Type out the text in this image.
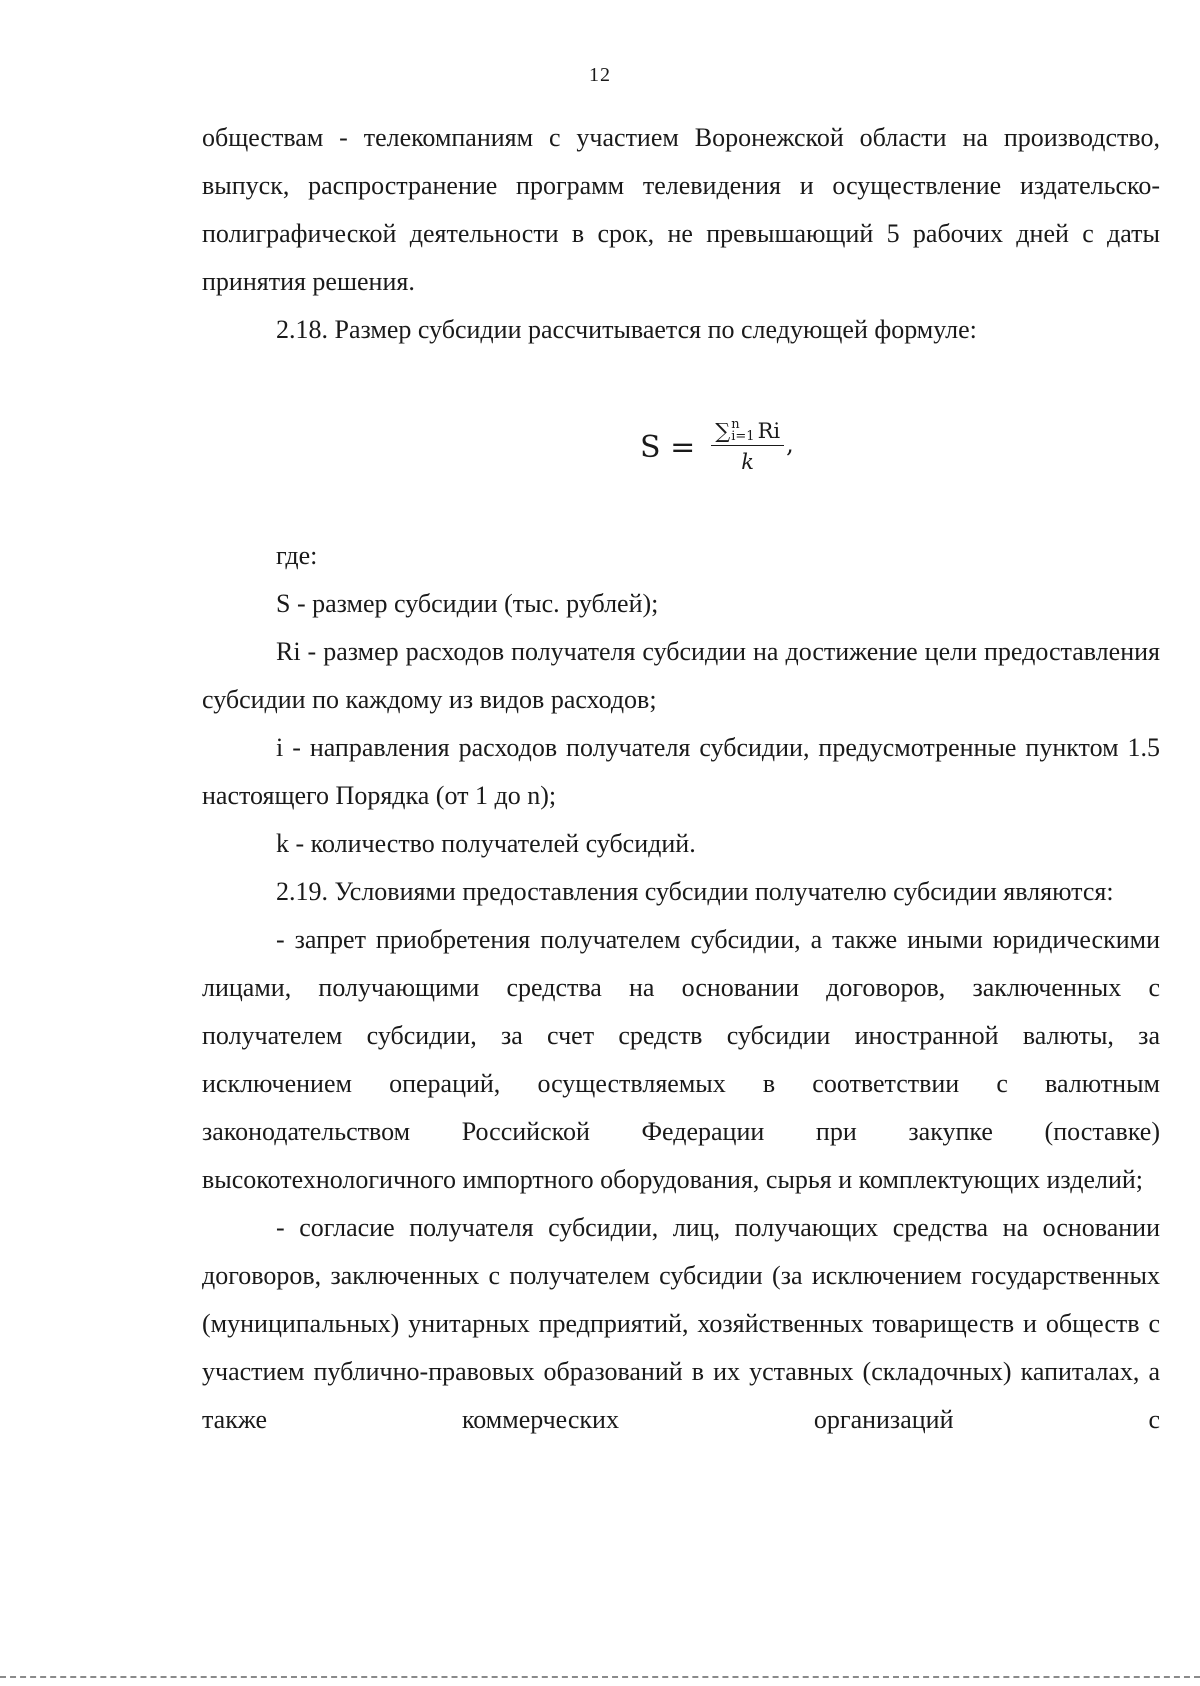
12

обществам - телекомпаниям с участием Воронежской области на производство, выпуск, распространение программ телевидения и осуществление издательско-полиграфической деятельности в срок, не превышающий 5 рабочих дней с даты принятия решения.

2.18. Размер субсидии рассчитывается по следующей формуле:

S = ∑ n
i=1 Ri
k ,

где:

S - размер субсидии (тыс. рублей);

Ri - размер расходов получателя субсидии на достижение цели предоставления субсидии по каждому из видов расходов;

i - направления расходов получателя субсидии, предусмотренные пунктом 1.5 настоящего Порядка (от 1 до n);

k - количество получателей субсидий.

2.19. Условиями предоставления субсидии получателю субсидии являются:

- запрет приобретения получателем субсидии, а также иными юридическими лицами, получающими средства на основании договоров, заключенных с получателем субсидии, за счет средств субсидии иностранной валюты, за исключением операций, осуществляемых в соответствии с валютным законодательством Российской Федерации при закупке (поставке) высокотехнологичного импортного оборудования, сырья и комплектующих изделий;

- согласие получателя субсидии, лиц, получающих средства на основании договоров, заключенных с получателем субсидии (за исключением государственных (муниципальных) унитарных предприятий, хозяйственных товариществ и обществ с участием публично-правовых образований в их уставных (складочных) капиталах, а также коммерческих организаций с
